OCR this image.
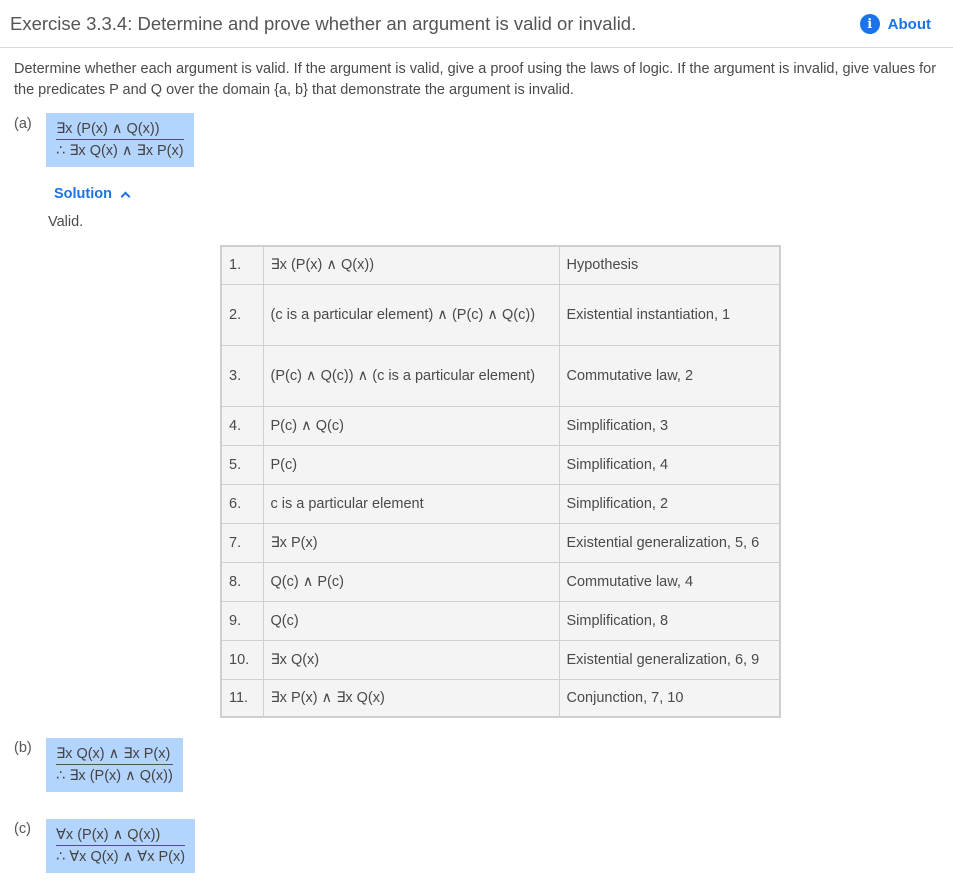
Exercise 3.3.4: Determine and prove whether an argument is valid or invalid.	i	About
Determine whether each argument is valid. If the argument is valid, give a proof using the laws of logic. If the argument is invalid, give values for the predicates P and Q over the domain {a, b} that demonstrate the argument is invalid.
(a) ∃x (P(x) ∧ Q(x))
∴ ∃x Q(x) ∧ ∃x P(x)
Solution
Valid.
1.	∃x (P(x) ∧ Q(x))	Hypothesis
2.	(c is a particular element) ∧ (P(c) ∧ Q(c))	Existential instantiation, 1
3.	(P(c) ∧ Q(c)) ∧ (c is a particular element)	Commutative law, 2
4.	P(c) ∧ Q(c)	Simplification, 3
5.	P(c)	Simplification, 4
6.	c is a particular element	Simplification, 2
7.	∃x P(x)	Existential generalization, 5, 6
8.	Q(c) ∧ P(c)	Commutative law, 4
9.	Q(c)	Simplification, 8
10.	∃x Q(x)	Existential generalization, 6, 9
11.	∃x P(x) ∧ ∃x Q(x)	Conjunction, 7, 10
(b) ∃x Q(x) ∧ ∃x P(x)
∴ ∃x (P(x) ∧ Q(x))
(c) ∀x (P(x) ∧ Q(x))
∴ ∀x Q(x) ∧ ∀x P(x)
